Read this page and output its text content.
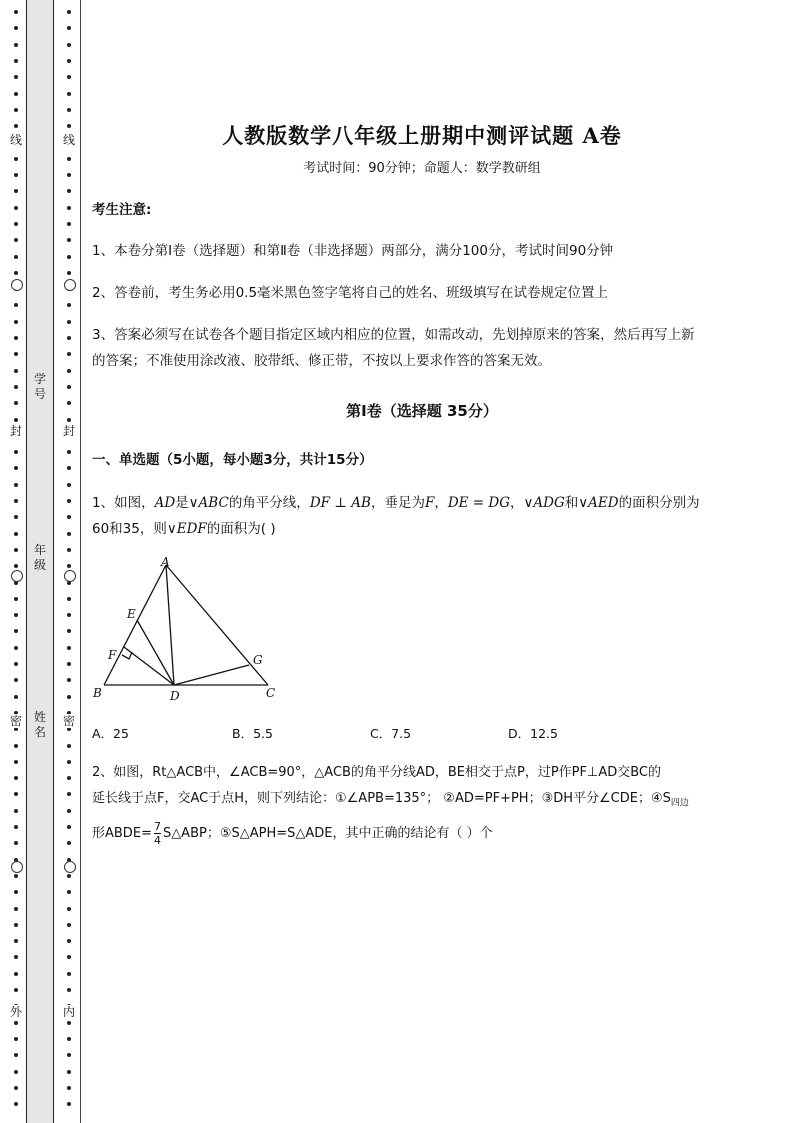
线
封
密
外
线
封
密
内
学
号
年
级
姓
名
人教版数学八年级上册期中测评试题 A卷
考试时间：90分钟；命题人：数学教研组
考生注意:
1、本卷分第I卷（选择题）和第Ⅱ卷（非选择题）两部分，满分100分，考试时间90分钟
2、答卷前，考生务必用0.5毫米黑色签字笔将自己的姓名、班级填写在试卷规定位置上
3、答案必须写在试卷各个题目指定区域内相应的位置，如需改动，先划掉原来的答案，然后再写上新
的答案；不准使用涂改液、胶带纸、修正带，不按以上要求作答的答案无效。
第I卷（选择题 35分）
一、单选题（5小题，每小题3分，共计15分）
1、如图，AD是∨ABC的角平分线，DF ⊥ AB，垂足为F，DE = DG，∨ADG和∨AED的面积分别为
60和35，则∨EDF的面积为( )
A
B	C
D
E
F	G
A．25	B．5.5	C．7.5	D．12.5
2、如图，Rt△ACB中，∠ACB=90°，△ACB的角平分线AD，BE相交于点P，过P作PF⊥AD交BC的
延长线于点F，交AC于点H，则下列结论：①∠APB=135°； ②AD=PF+PH；③DH平分∠CDE；$④S_{四边}$
形ABDE= $\frac{7}{4}$ S△ABP；⑤S△APH=S△ADE，其中正确的结论有（ ）个
